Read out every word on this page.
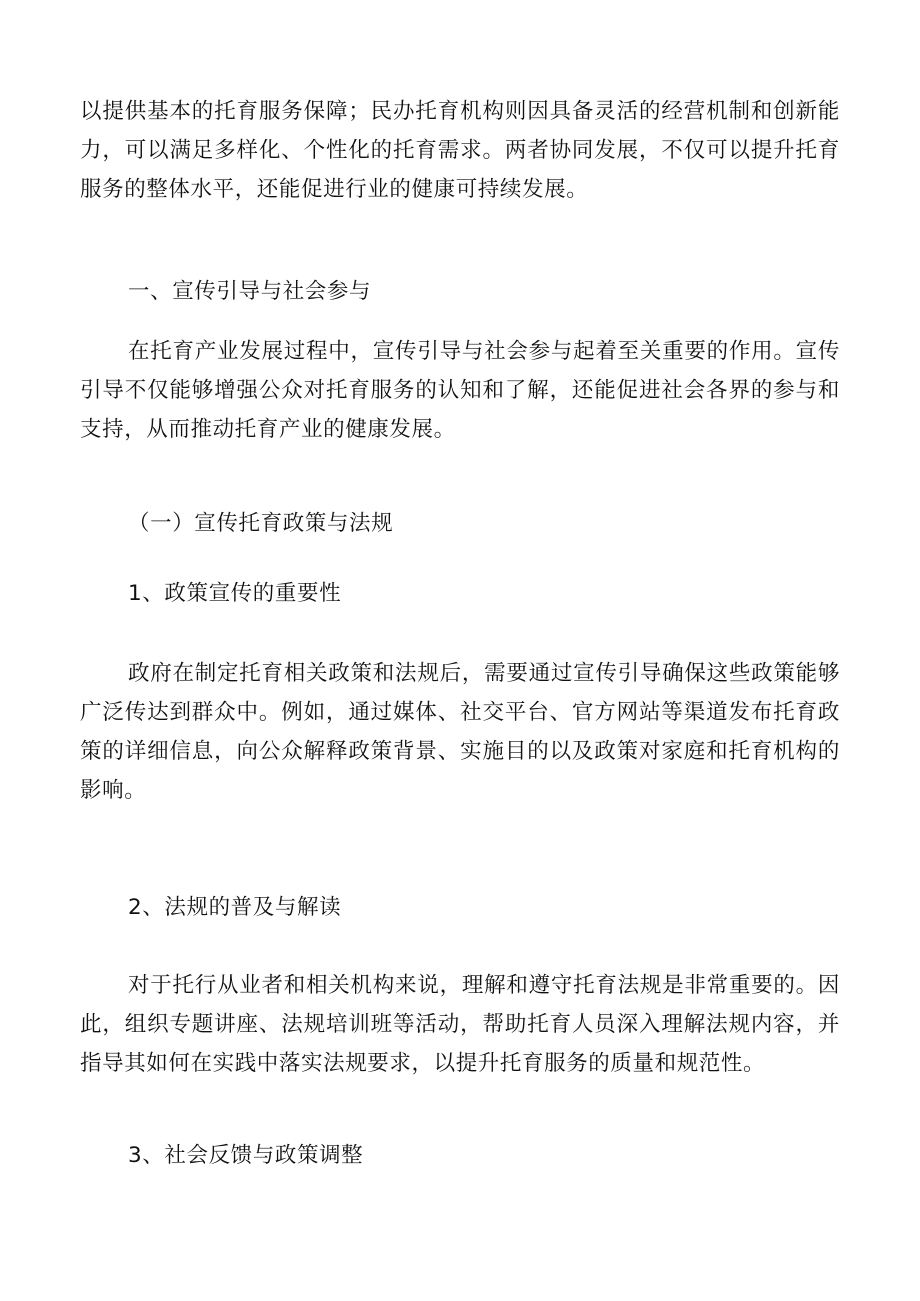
以提供基本的托育服务保障；民办托育机构则因具备灵活的经营机制和创新能力，可以满足多样化、个性化的托育需求。两者协同发展，不仅可以提升托育服务的整体水平，还能促进行业的健康可持续发展。

一、宣传引导与社会参与

在托育产业发展过程中，宣传引导与社会参与起着至关重要的作用。宣传引导不仅能够增强公众对托育服务的认知和了解，还能促进社会各界的参与和支持，从而推动托育产业的健康发展。

（一）宣传托育政策与法规

1、政策宣传的重要性

政府在制定托育相关政策和法规后，需要通过宣传引导确保这些政策能够广泛传达到群众中。例如，通过媒体、社交平台、官方网站等渠道发布托育政策的详细信息，向公众解释政策背景、实施目的以及政策对家庭和托育机构的影响。

2、法规的普及与解读

对于托行从业者和相关机构来说，理解和遵守托育法规是非常重要的。因此，组织专题讲座、法规培训班等活动，帮助托育人员深入理解法规内容，并指导其如何在实践中落实法规要求，以提升托育服务的质量和规范性。

3、社会反馈与政策调整
